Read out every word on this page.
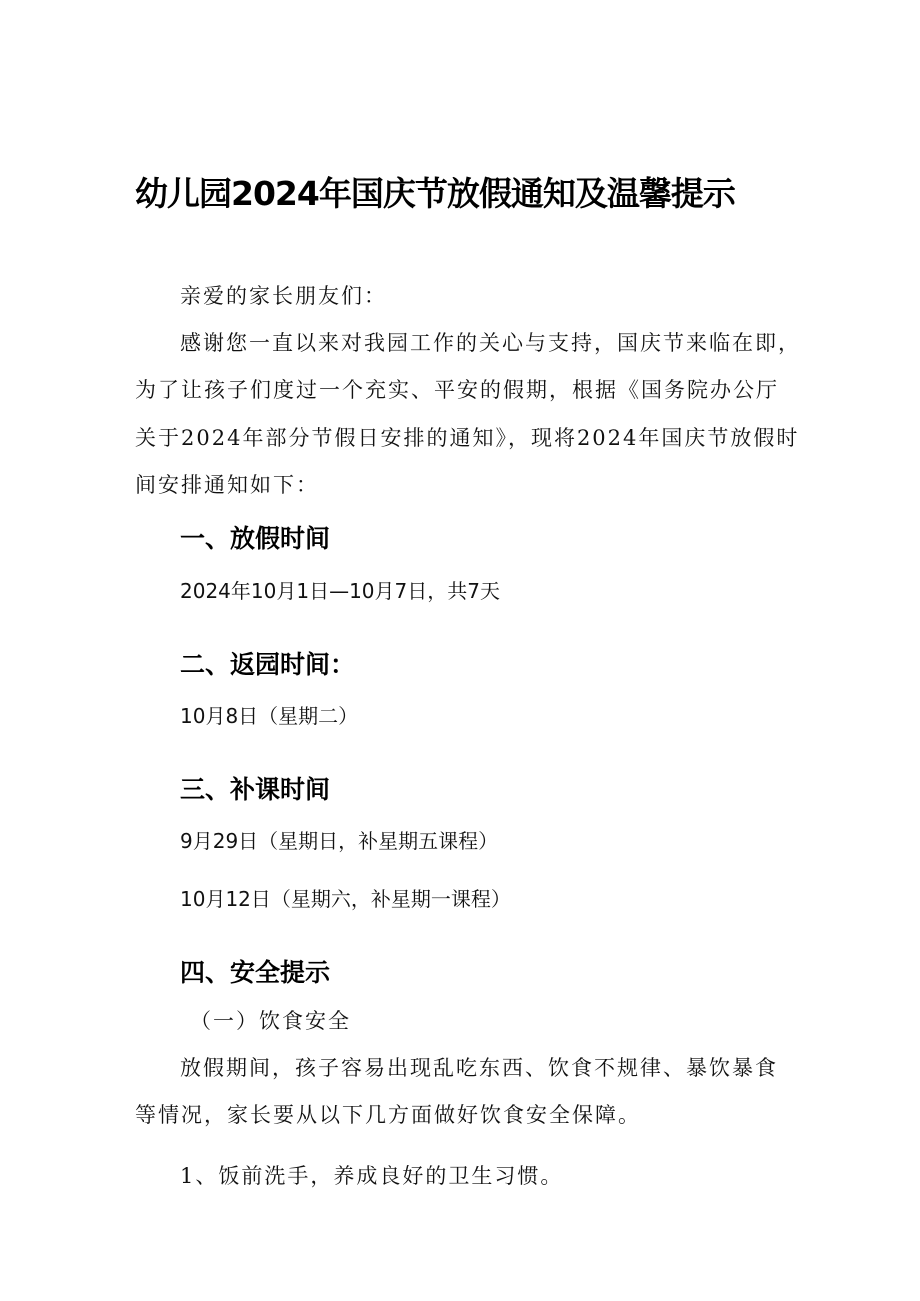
幼儿园2024年国庆节放假通知及温馨提示

亲爱的家长朋友们：

感谢您一直以来对我园工作的关心与支持，国庆节来临在即，

为了让孩子们度过一个充实、平安的假期，根据《国务院办公厅

关于2024年部分节假日安排的通知》，现将2024年国庆节放假时

间安排通知如下：

一、放假时间

2024年10月1日—10月7日，共7天

二、返园时间：

10月8日（星期二）

三、补课时间

9月29日（星期日，补星期五课程）

10月12日（星期六，补星期一课程）

四、安全提示

（一）饮食安全

放假期间，孩子容易出现乱吃东西、饮食不规律、暴饮暴食

等情况，家长要从以下几方面做好饮食安全保障。

1、饭前洗手，养成良好的卫生习惯。
